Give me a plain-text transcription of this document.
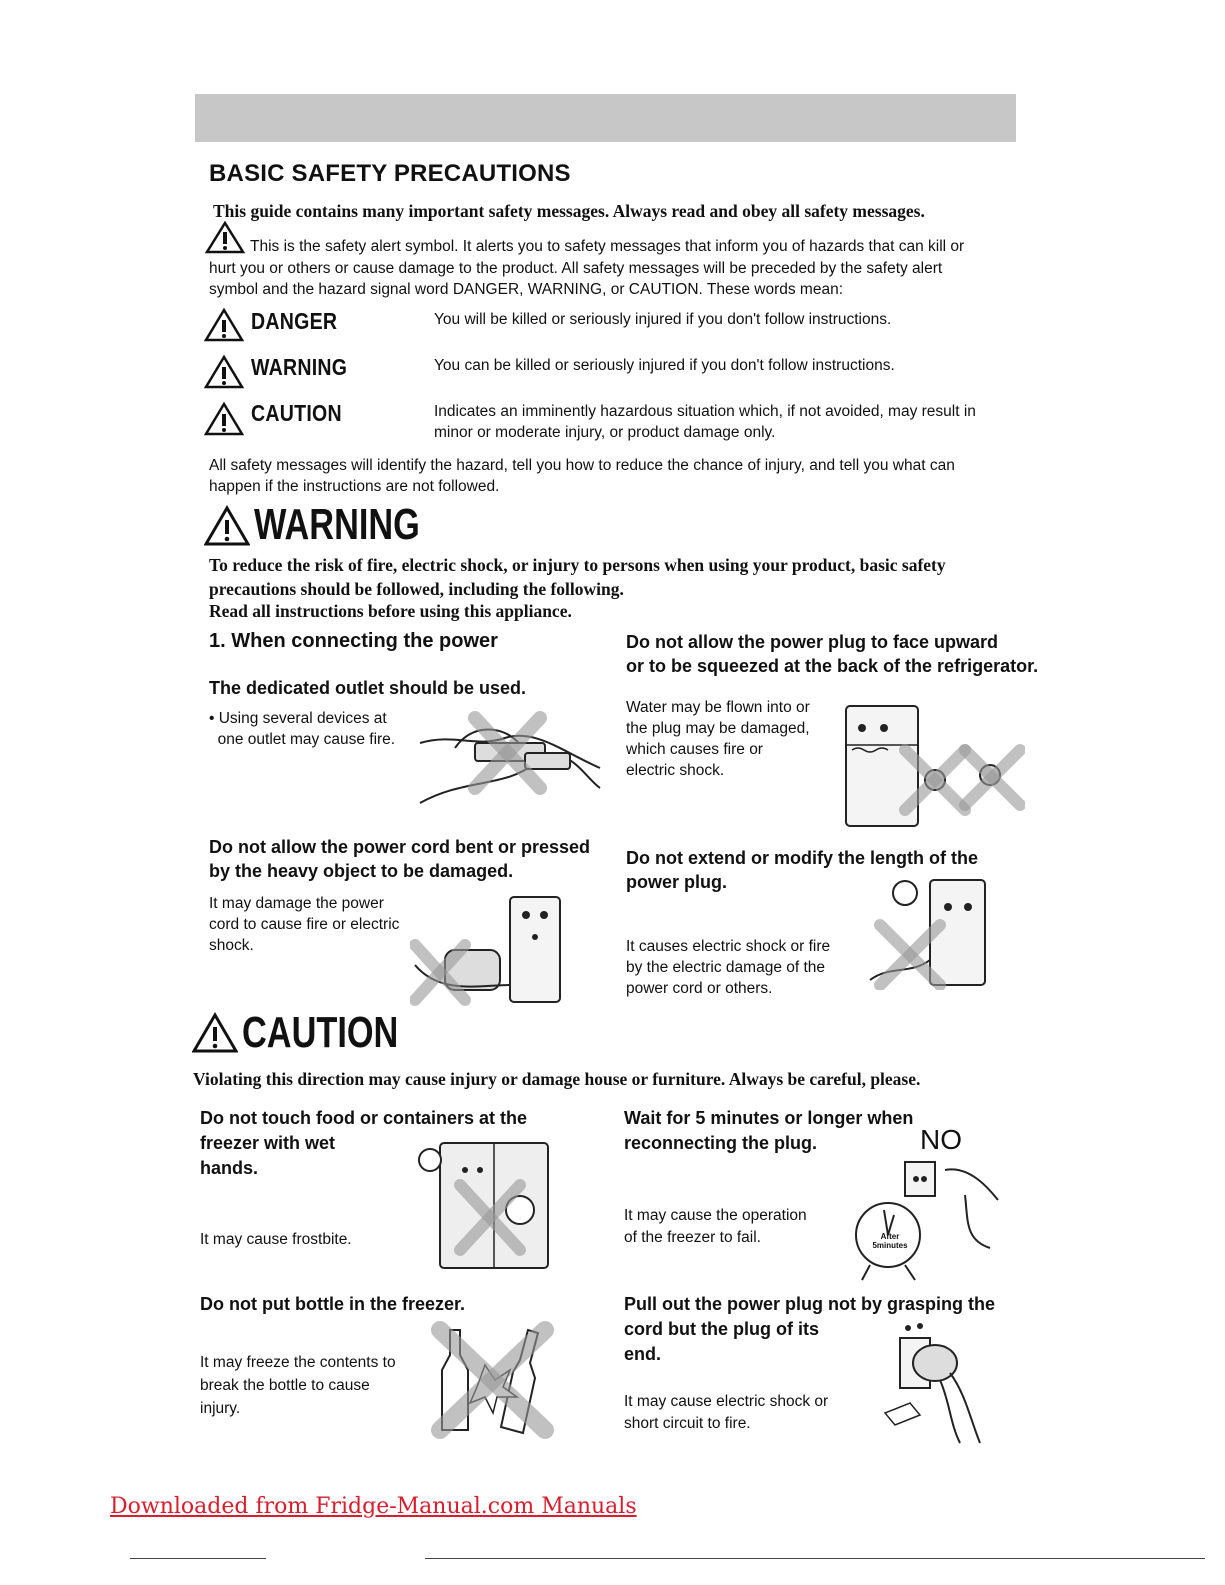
BASIC SAFETY PRECAUTIONS
This guide contains many important safety messages. Always read and obey all safety messages.
This is the safety alert symbol. It alerts you to safety messages that inform you of hazards that can kill or
hurt you or others or cause damage to the product. All safety messages will be preceded by the safety alert
symbol and the hazard signal word DANGER, WARNING, or CAUTION. These words mean:
DANGER	You will be killed or seriously injured if you don't follow instructions.
WARNING	You can be killed or seriously injured if you don't follow instructions.
CAUTION	Indicates an imminently hazardous situation which, if not avoided, may result in
minor or moderate injury, or product damage only.
All safety messages will identify the hazard, tell you how to reduce the chance of injury, and tell you what can
happen if the instructions are not followed.
WARNING
To reduce the risk of fire, electric shock, or injury to persons when using your product, basic safety
precautions should be followed, including the following.
Read all instructions before using this appliance.
1. When connecting the power
The dedicated outlet should be used.
• Using several devices at
one outlet may cause fire.
Do not allow the power plug to face upward
or to be squeezed at the back of the refrigerator.
Water may be flown into or
the plug may be damaged,
which causes fire or
electric shock.
Do not allow the power cord bent or pressed
by the heavy object to be damaged.
It may damage the power
cord to cause fire or electric
shock.
Do not extend or modify the length of the
power plug.
It causes electric shock or fire
by the electric damage of the
power cord or others.
CAUTION
Violating this direction may cause injury or damage house or furniture. Always be careful, please.
Do not touch food or containers at the
freezer with wet
hands.
It may cause frostbite.
Wait for 5 minutes or longer when
reconnecting the plug.	NO
It may cause the operation
of the freezer to fail.	After 5minutes
Do not put bottle in the freezer.
It may freeze the contents to
break the bottle to cause
injury.
Pull out the power plug not by grasping the
cord but the plug of its
end.
It may cause electric shock or
short circuit to fire.
Downloaded from Fridge-Manual.com Manuals
